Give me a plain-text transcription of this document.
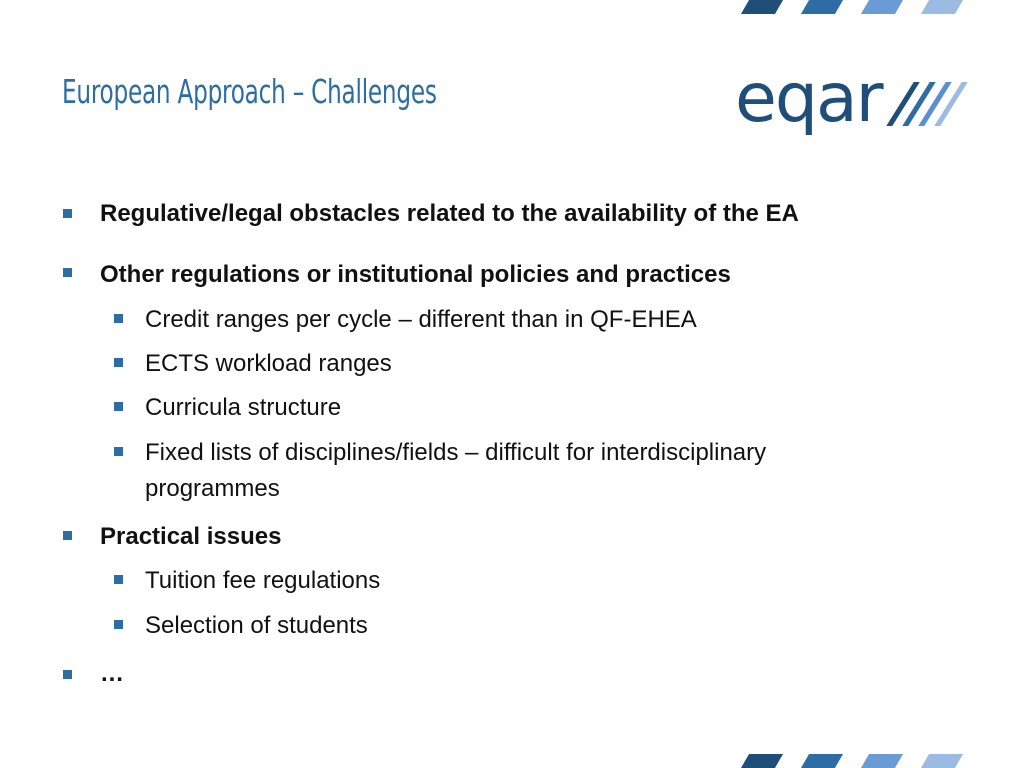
European Approach – Challenges	eqar
Regulative/legal obstacles related to the availability of the EA
Other regulations or institutional policies and practices
Credit ranges per cycle – different than in QF-EHEA
ECTS workload ranges
Curricula structure
Fixed lists of disciplines/fields – difficult for interdisciplinary
programmes
Practical issues
Tuition fee regulations
Selection of students
…
